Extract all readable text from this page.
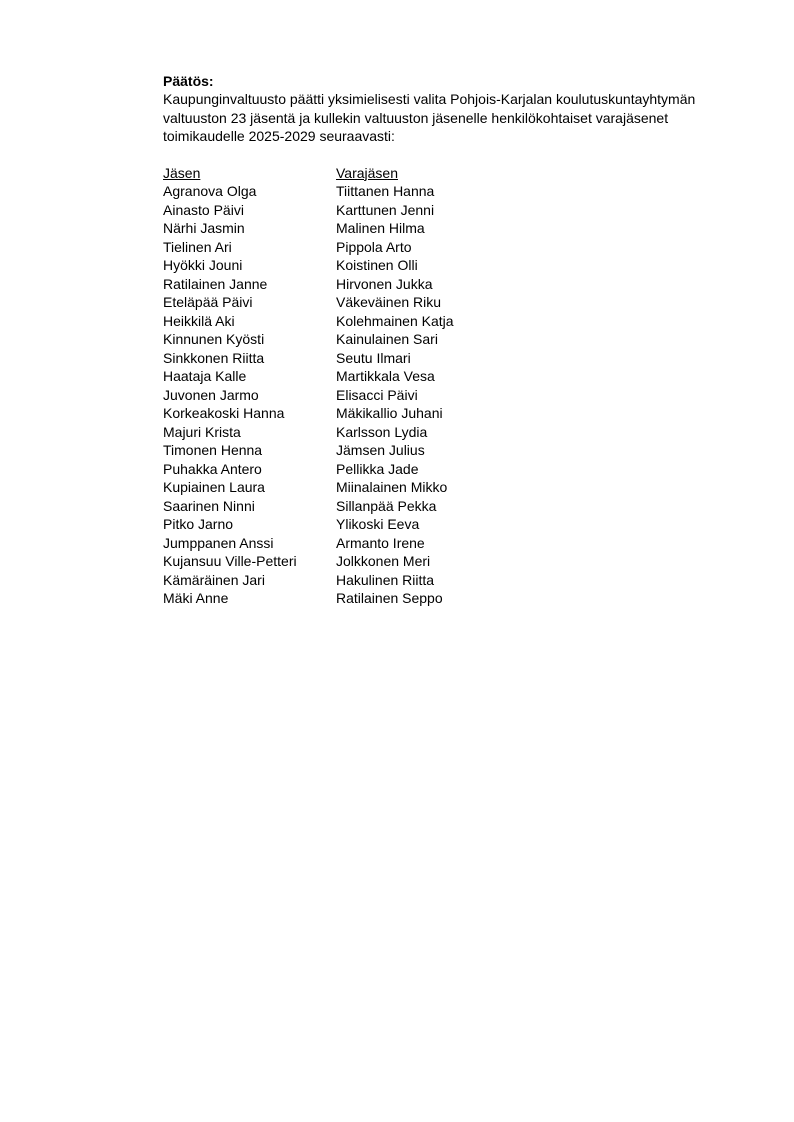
Päätös:

Kaupunginvaltuusto päätti yksimielisesti valita Pohjois-Karjalan koulutuskuntayhtymän valtuuston 23 jäsentä ja kullekin valtuuston jäsenelle henkilökohtaiset varajäsenet toimikaudelle 2025-2029 seuraavasti:

Jäsen	Varajäsen
Agranova Olga	Tiittanen Hanna
Ainasto Päivi	Karttunen Jenni
Närhi Jasmin	Malinen Hilma
Tielinen Ari	Pippola Arto
Hyökki Jouni	Koistinen Olli
Ratilainen Janne	Hirvonen Jukka
Eteläpää Päivi	Väkeväinen Riku
Heikkilä Aki	Kolehmainen Katja
Kinnunen Kyösti	Kainulainen Sari
Sinkkonen Riitta	Seutu Ilmari
Haataja Kalle	Martikkala Vesa
Juvonen Jarmo	Elisacci Päivi
Korkeakoski Hanna	Mäkikallio Juhani
Majuri Krista	Karlsson Lydia
Timonen Henna	Jämsen Julius
Puhakka Antero	Pellikka Jade
Kupiainen Laura	Miinalainen Mikko
Saarinen Ninni	Sillanpää Pekka
Pitko Jarno	Ylikoski Eeva
Jumppanen Anssi	Armanto Irene
Kujansuu Ville-Petteri	Jolkkonen Meri
Kämäräinen Jari	Hakulinen Riitta
Mäki Anne	Ratilainen Seppo
